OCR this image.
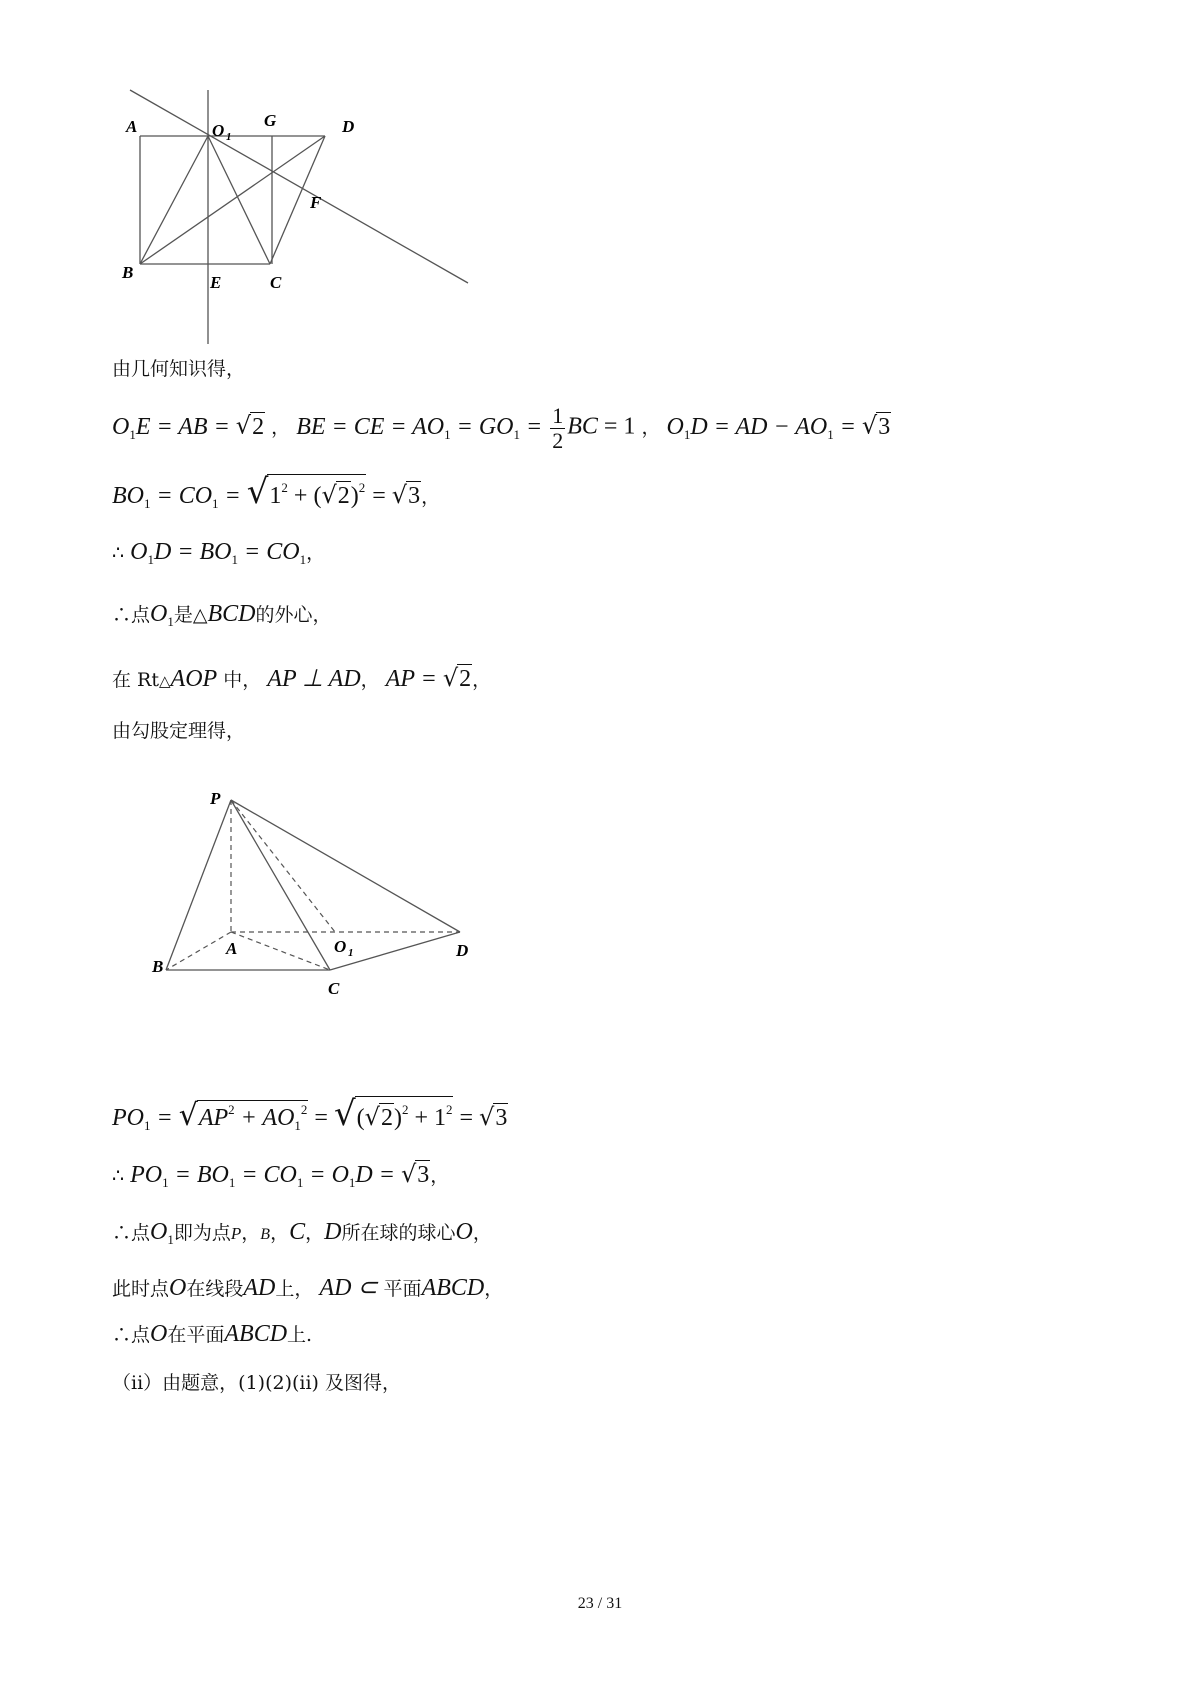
A	O 1
G	D
F
B
E	C
由几何知识得，
$O_1E$ = AB = √2 ， BE = CE = $AO_1 = GO_1 = \frac{1}{2}$ BC = 1 ， $O_1D$ = AD − $AO_1 = √3$
$BO_1 = CO_1 = √1^2 + (√2)^2 = √3$，
∴ $O_1D = BO_1 = CO_1$，
∴点$O_1$是△BCD的外心，
在 Rt△AOP 中， AP ⊥ AD， AP = √2，
由勾股定理得，
P
B
A	O 1	D
C
$PO_1 = √AP^2 + AO_1^2 = √(√2)^2 + 1^2 = √3$
∴ $PO_1 = BO_1 = CO_1 = O_1D = √3$，
∴点$O_1$即为点P，B，C，D所在球的球心O，
此时点O在线段AD上， AD ⊂ 平面ABCD，
∴点O在平面ABCD上.
（ii）由题意，(1)(2)(ii) 及图得，
23 / 31
